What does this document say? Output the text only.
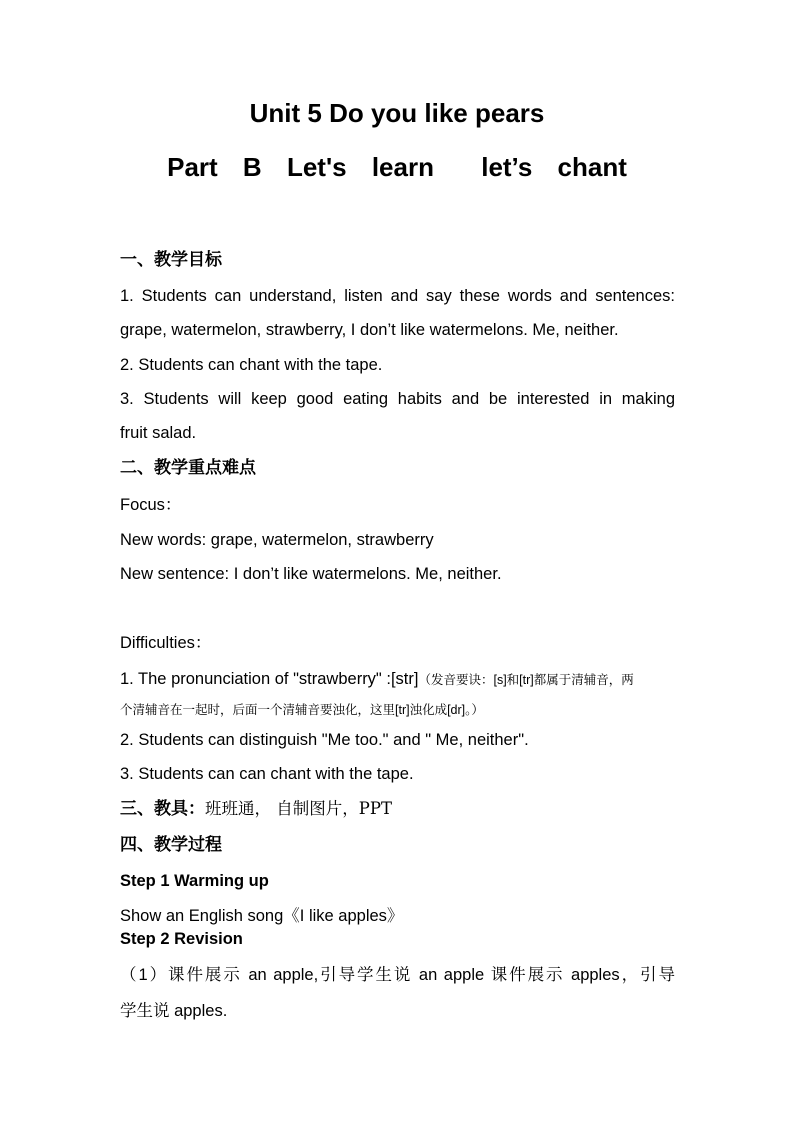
Unit 5 Do you like pears
Part B Let's learn let’s chant
一、教学目标
1. Students can understand, listen and say these words and sentences:
grape, watermelon, strawberry, I don’t like watermelons. Me, neither.
2. Students can chant with the tape.
3. Students will keep good eating habits and be interested in making
fruit salad.
二、教学重点难点
Focus：
New words: grape, watermelon, strawberry
New sentence: I don’t like watermelons. Me, neither.
Difficulties：
1. The pronunciation of "strawberry" :[str]（发音要诀：[s]和[tr]都属于清辅音，两
个清辅音在一起时，后面一个清辅音要浊化，这里[tr]浊化成[dr]。）
2. Students can distinguish "Me too." and " Me, neither".
3. Students can can chant with the tape.
三、教具：班班通， 自制图片，PPT
四、教学过程
Step 1 Warming up
Show an English song《I like apples》
Step 2 Revision
（1）课件展示 an apple,引导学生说 an apple 课件展示 apples，引导
学生说 apples.
